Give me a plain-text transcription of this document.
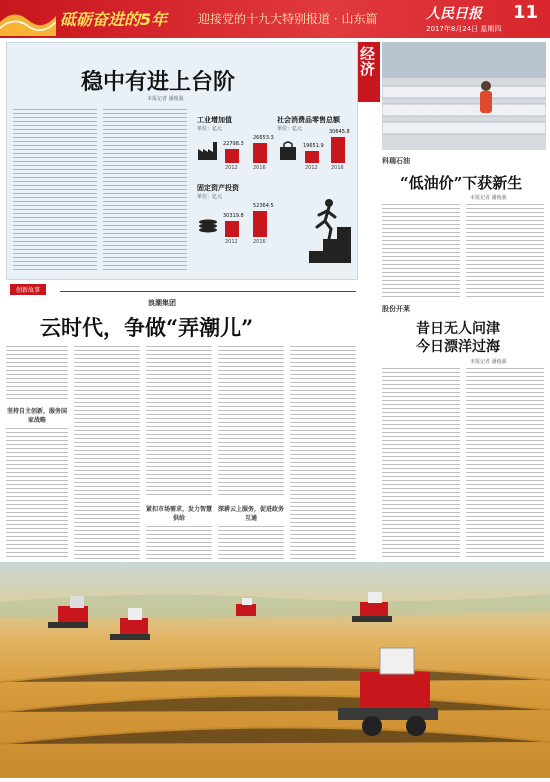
砥砺奋进的5年	迎接党的十九大特别报道 · 山东篇	人民日报 11
2017年8月24日 星期四
稳中有进上台阶
本报记者 潘俊强
工业增加值
单位：亿元
22798.3
26653.3
2012	2016
社会消费品零售总额
单位：亿元
19651.9
30645.8
2012	2016
固定资产投资
单位：亿元
30319.8
52364.5
2012	2016
经济
创新故事
浪潮集团
云时代，争做“弄潮儿”
坚持自主创新，服务国家战略
紧扣市场需求，发力智慧供给
深耕云上服务，促进政务互通
科瑞石油
“低油价”下获新生
本报记者 潘俊强
股份开莱
昔日无人问津
今日漂洋过海
本报记者 潘俊强
